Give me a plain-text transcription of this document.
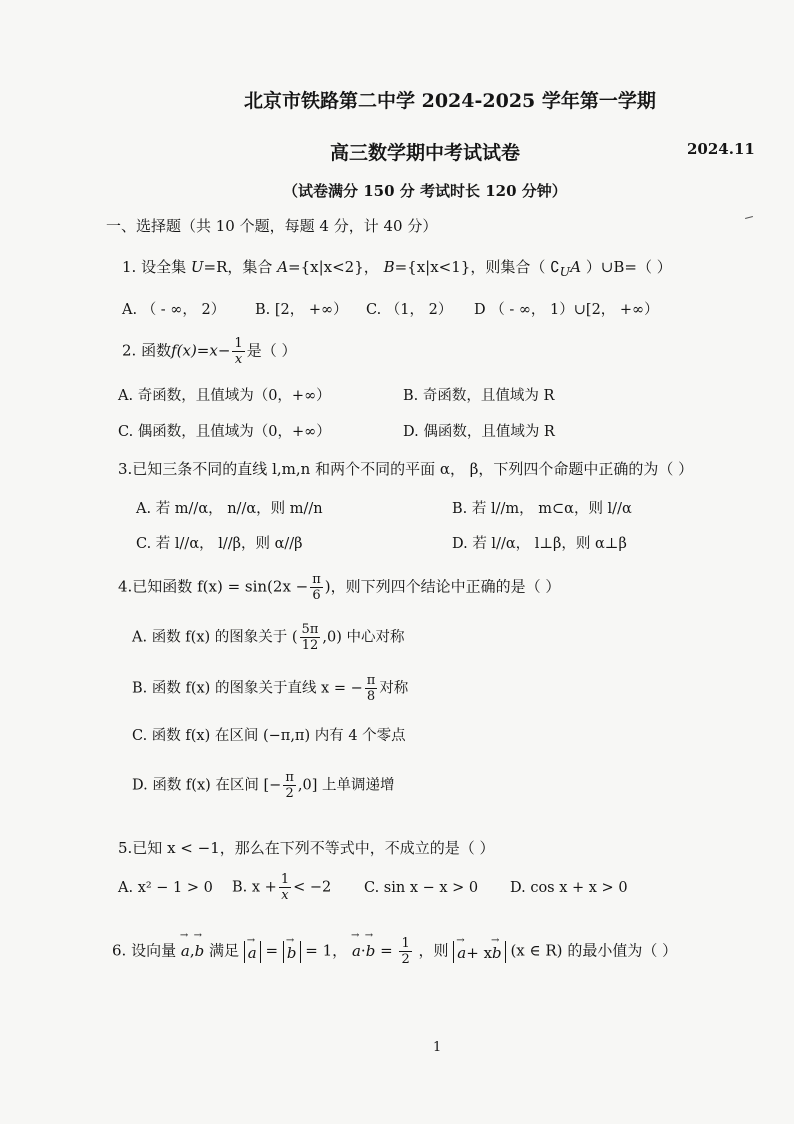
北京市铁路第二中学 2024-2025 学年第一学期
高三数学期中考试试卷	2024.11
（试卷满分 150 分 考试时长 120 分钟）
一、选择题（共 10 个题，每题 4 分，计 40 分）
1. 设全集 U=R，集合 A={x|x<2}， B={x|x<1}，则集合（ $∁_UA$ ）∪B=（ ）
A. （ - ∞， 2） B. [2， +∞） C. （1， 2） D （ - ∞， 1）∪[2， +∞）
2. 函数$f(x)=x- \frac{1}{x}$ 是（ ）
A. 奇函数，且值域为（0，+∞）	B. 奇函数，且值域为 R
C. 偶函数，且值域为（0，+∞）	D. 偶函数，且值域为 R
3.已知三条不同的直线 l,m,n 和两个不同的平面 α， β，下列四个命题中正确的为（ ）
A. 若 m//α， n//α，则 m//n	B. 若 l//m， m⊂α，则 l//α
C. 若 l//α， l//β，则 α//β	D. 若 l//α， l⊥β，则 α⊥β
4.已知函数 $f(x) = \sin(2x - \frac{\pi}{6}$ )，则下列四个结论中正确的是（ ）
A. 函数 f(x) 的图象关于 ( $\frac{5\pi}{12} ,0$) 中心对称
B. 函数 f(x) 的图象关于直线 x = − $\frac{\pi}{8}$ 对称
C. 函数 f(x) 在区间 (−π,π) 内有 4 个零点
D. 函数 f(x) 在区间 [− $\frac{\pi}{2} ,0$] 上单调递增
5.已知 x < −1，那么在下列不等式中，不成立的是（ ）
A. x² − 1 > 0 B. $x + \frac{1}{x} < -2$ C. sin x − x > 0 D. cos x + x > 0
6. 设向量 → a,→ b 满足 → a = → b = 1， → $a\cdot\to b = \frac{1}{2}$ ，则 → a+ x→ b (x ∈ R) 的最小值为（ ）
1
